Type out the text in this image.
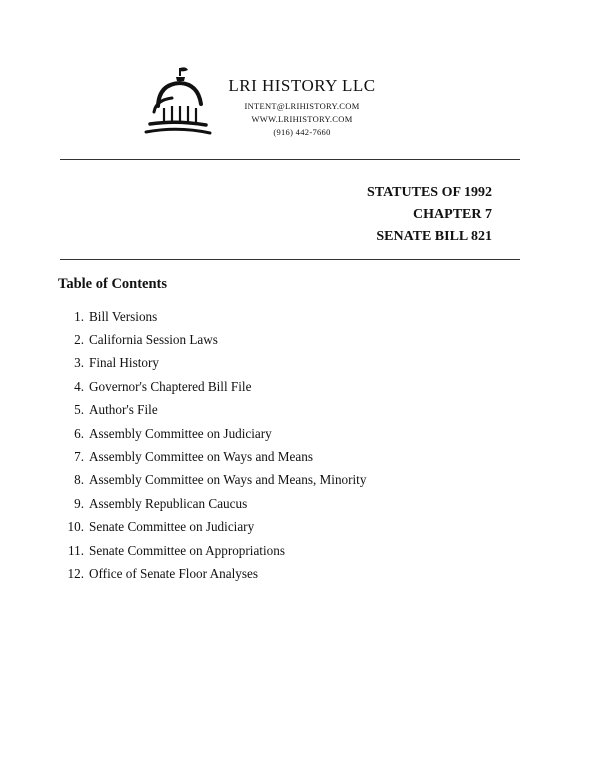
LRI HISTORY LLC
INTENT@LRIHISTORY.COM
WWW.LRIHISTORY.COM
(916) 442-7660
STATUTES OF 1992
CHAPTER 7
SENATE BILL 821
Table of Contents
1. Bill Versions
2. California Session Laws
3. Final History
4. Governor's Chaptered Bill File
5. Author's File
6. Assembly Committee on Judiciary
7. Assembly Committee on Ways and Means
8. Assembly Committee on Ways and Means, Minority
9. Assembly Republican Caucus
10. Senate Committee on Judiciary
11. Senate Committee on Appropriations
12. Office of Senate Floor Analyses
